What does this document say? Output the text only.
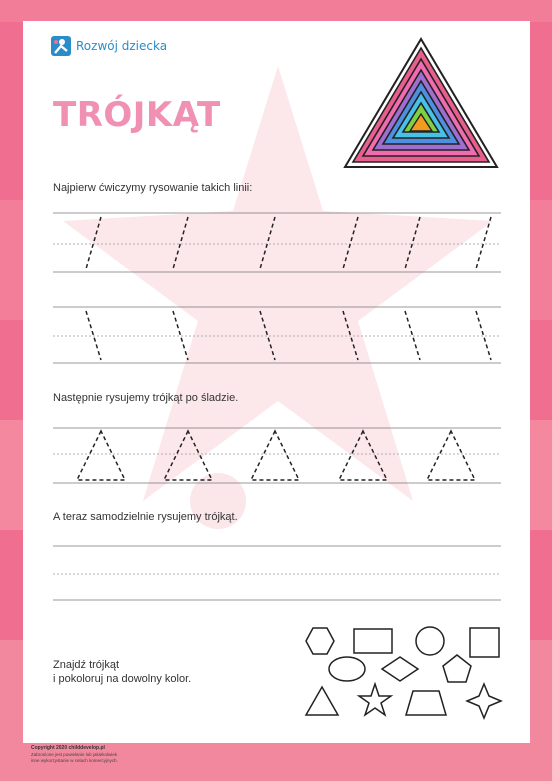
Rozwój dziecka
TRÓJKĄT
Najpierw ćwiczymy rysowanie takich linii:
Następnie rysujemy trójkąt po śladzie.
A teraz samodzielnie rysujemy trójkąt.
Znajdź trójkąt
i pokoloruj na dowolny kolor.
Copyright 2020 childdevelop.pl
Zabronione jest powielanie lub jakiekolwiek
inne wykorzystanie w celach komercyjnych.
